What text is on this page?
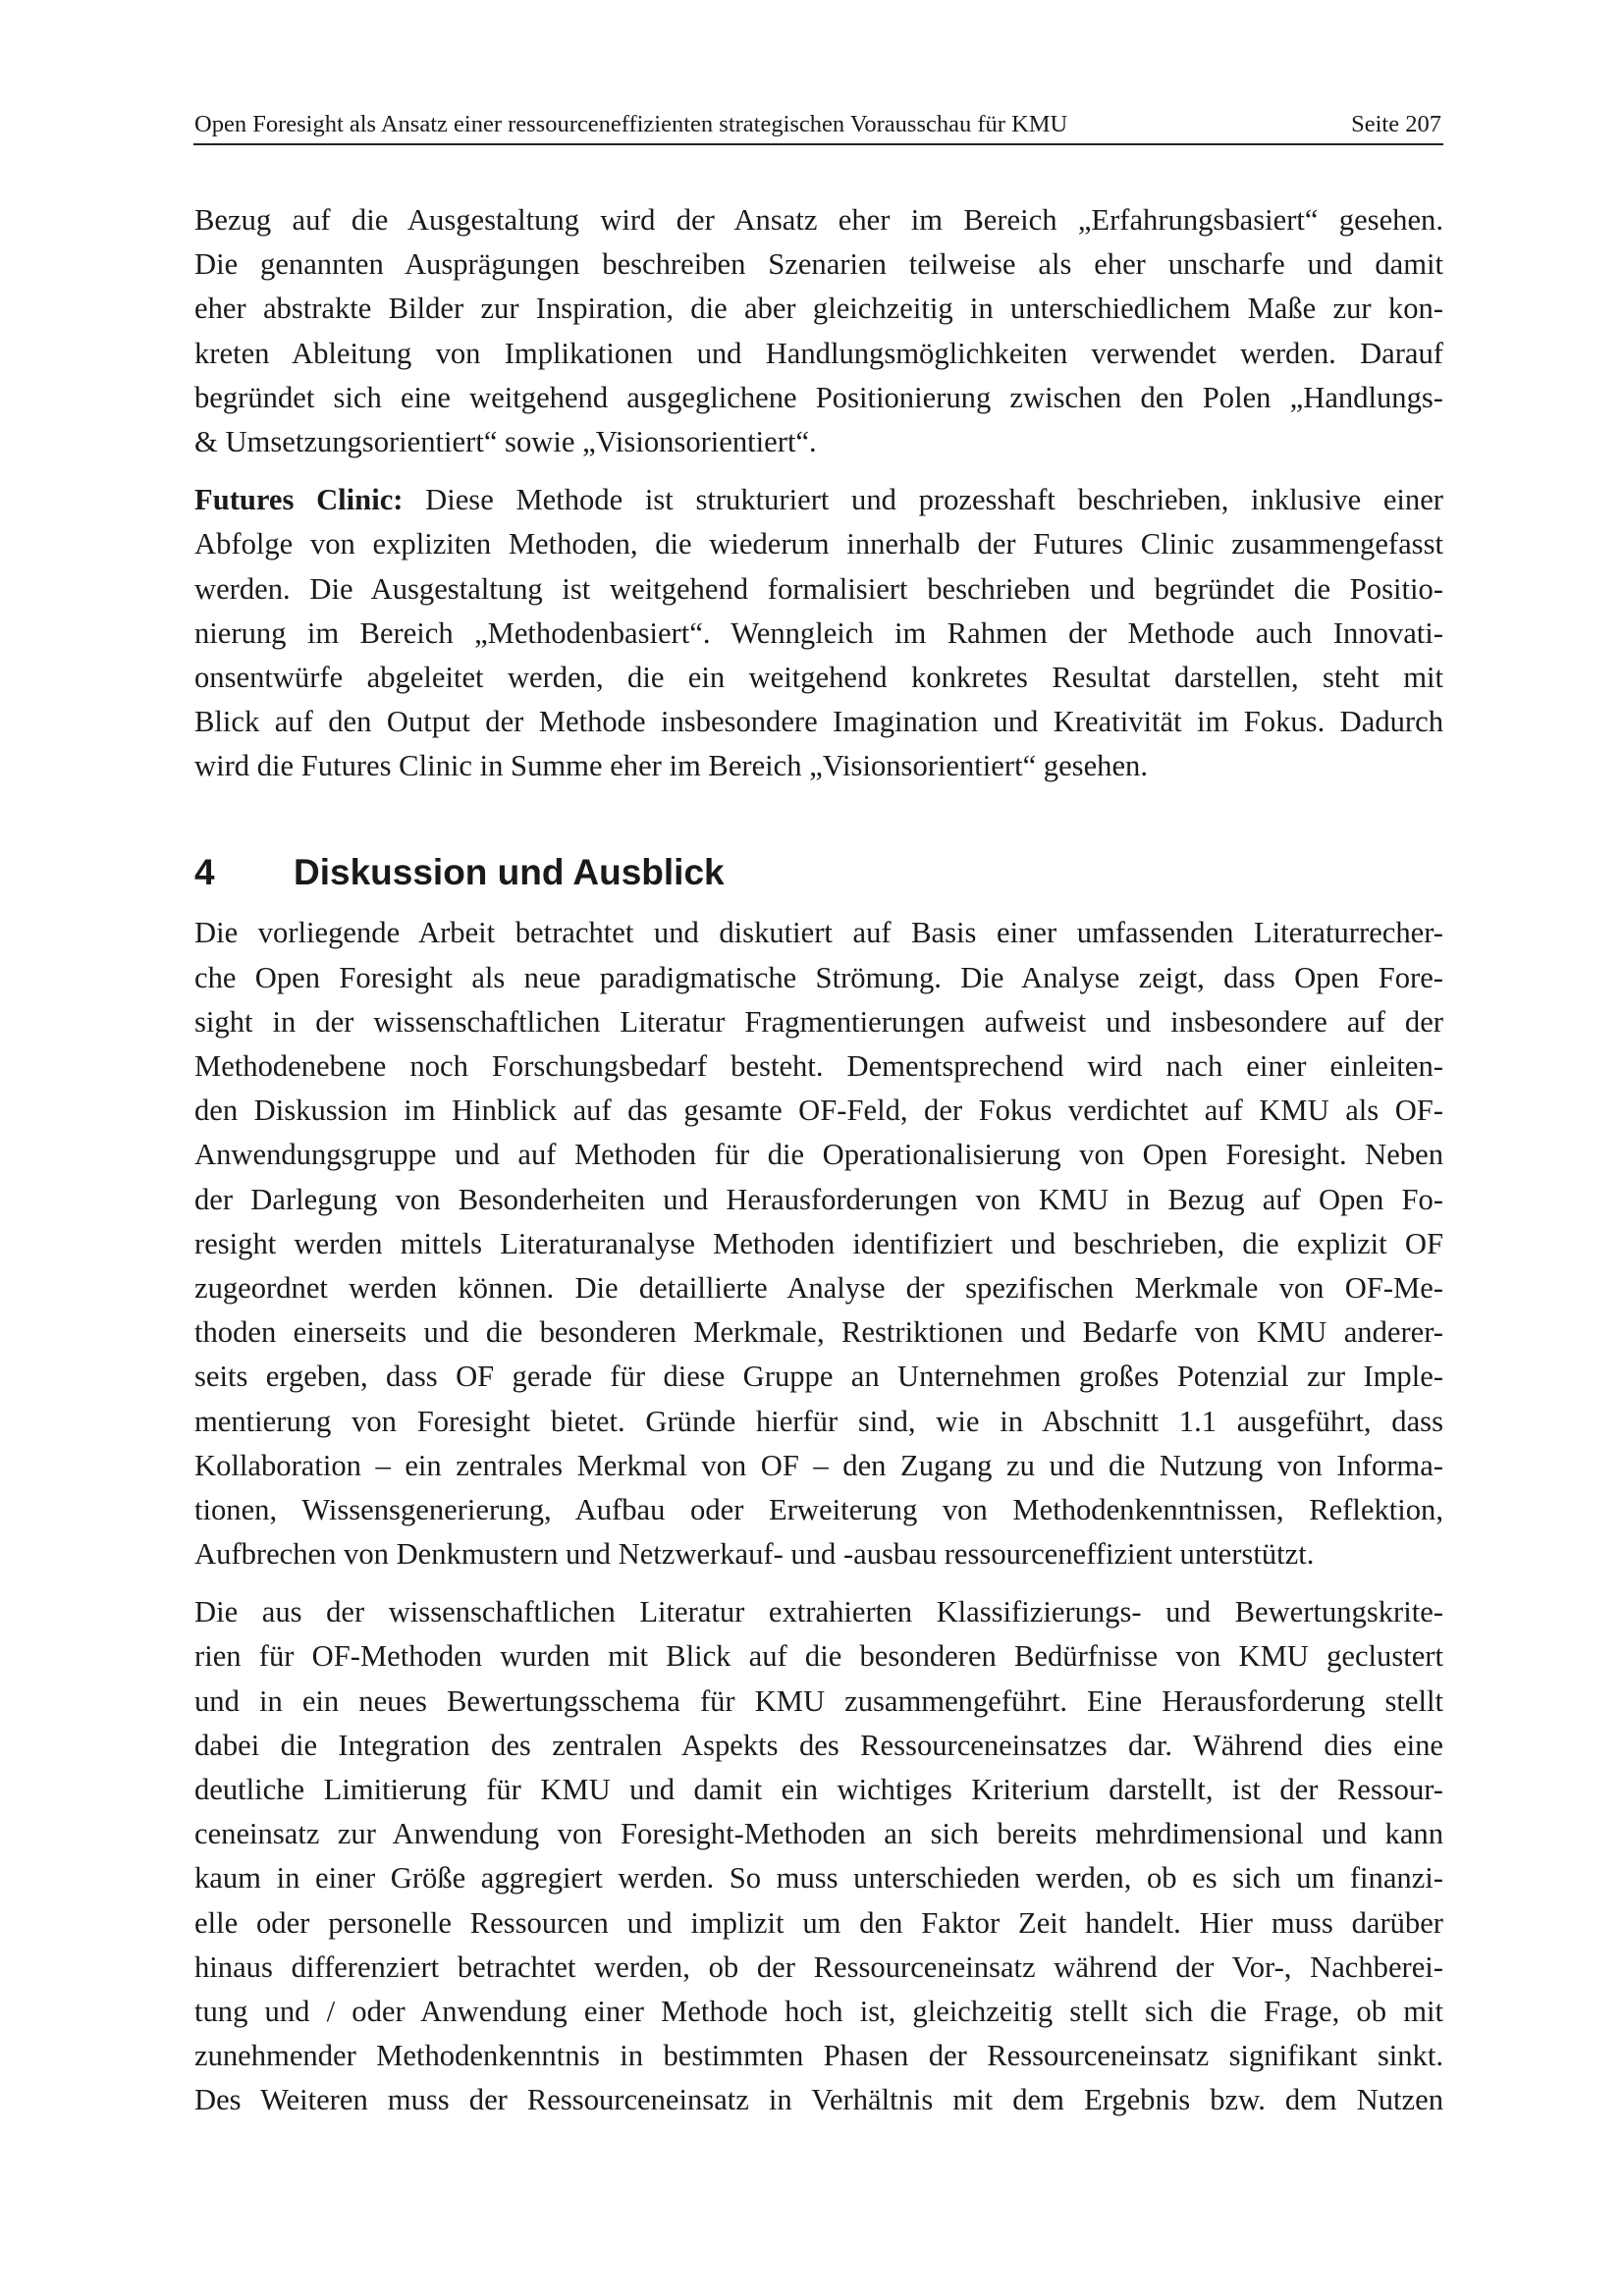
Open Foresight als Ansatz einer ressourceneffizienten strategischen Vorausschau für KMU	Seite 207

Bezug auf die Ausgestaltung wird der Ansatz eher im Bereich „Erfahrungsbasiert“ gesehen.
Die genannten Ausprägungen beschreiben Szenarien teilweise als eher unscharfe und damit
eher abstrakte Bilder zur Inspiration, die aber gleichzeitig in unterschiedlichem Maße zur kon-
kreten Ableitung von Implikationen und Handlungsmöglichkeiten verwendet werden. Darauf
begründet sich eine weitgehend ausgeglichene Positionierung zwischen den Polen „Handlungs-
& Umsetzungsorientiert“ sowie „Visionsorientiert“.

Futures Clinic: Diese Methode ist strukturiert und prozesshaft beschrieben, inklusive einer
Abfolge von expliziten Methoden, die wiederum innerhalb der Futures Clinic zusammengefasst
werden. Die Ausgestaltung ist weitgehend formalisiert beschrieben und begründet die Positio-
nierung im Bereich „Methodenbasiert“. Wenngleich im Rahmen der Methode auch Innovati-
onsentwürfe abgeleitet werden, die ein weitgehend konkretes Resultat darstellen, steht mit
Blick auf den Output der Methode insbesondere Imagination und Kreativität im Fokus. Dadurch
wird die Futures Clinic in Summe eher im Bereich „Visionsorientiert“ gesehen.

4	Diskussion und Ausblick

Die vorliegende Arbeit betrachtet und diskutiert auf Basis einer umfassenden Literaturrecher-
che Open Foresight als neue paradigmatische Strömung. Die Analyse zeigt, dass Open Fore-
sight in der wissenschaftlichen Literatur Fragmentierungen aufweist und insbesondere auf der
Methodenebene noch Forschungsbedarf besteht. Dementsprechend wird nach einer einleiten-
den Diskussion im Hinblick auf das gesamte OF-Feld, der Fokus verdichtet auf KMU als OF-
Anwendungsgruppe und auf Methoden für die Operationalisierung von Open Foresight. Neben
der Darlegung von Besonderheiten und Herausforderungen von KMU in Bezug auf Open Fo-
resight werden mittels Literaturanalyse Methoden identifiziert und beschrieben, die explizit OF
zugeordnet werden können. Die detaillierte Analyse der spezifischen Merkmale von OF-Me-
thoden einerseits und die besonderen Merkmale, Restriktionen und Bedarfe von KMU anderer-
seits ergeben, dass OF gerade für diese Gruppe an Unternehmen großes Potenzial zur Imple-
mentierung von Foresight bietet. Gründe hierfür sind, wie in Abschnitt 1.1 ausgeführt, dass
Kollaboration – ein zentrales Merkmal von OF – den Zugang zu und die Nutzung von Informa-
tionen, Wissensgenerierung, Aufbau oder Erweiterung von Methodenkenntnissen, Reflektion,
Aufbrechen von Denkmustern und Netzwerkauf- und -ausbau ressourceneffizient unterstützt.

Die aus der wissenschaftlichen Literatur extrahierten Klassifizierungs- und Bewertungskrite-
rien für OF-Methoden wurden mit Blick auf die besonderen Bedürfnisse von KMU geclustert
und in ein neues Bewertungsschema für KMU zusammengeführt. Eine Herausforderung stellt
dabei die Integration des zentralen Aspekts des Ressourceneinsatzes dar. Während dies eine
deutliche Limitierung für KMU und damit ein wichtiges Kriterium darstellt, ist der Ressour-
ceneinsatz zur Anwendung von Foresight-Methoden an sich bereits mehrdimensional und kann
kaum in einer Größe aggregiert werden. So muss unterschieden werden, ob es sich um finanzi-
elle oder personelle Ressourcen und implizit um den Faktor Zeit handelt. Hier muss darüber
hinaus differenziert betrachtet werden, ob der Ressourceneinsatz während der Vor-, Nachberei-
tung und / oder Anwendung einer Methode hoch ist, gleichzeitig stellt sich die Frage, ob mit
zunehmender Methodenkenntnis in bestimmten Phasen der Ressourceneinsatz signifikant sinkt.
Des Weiteren muss der Ressourceneinsatz in Verhältnis mit dem Ergebnis bzw. dem Nutzen
